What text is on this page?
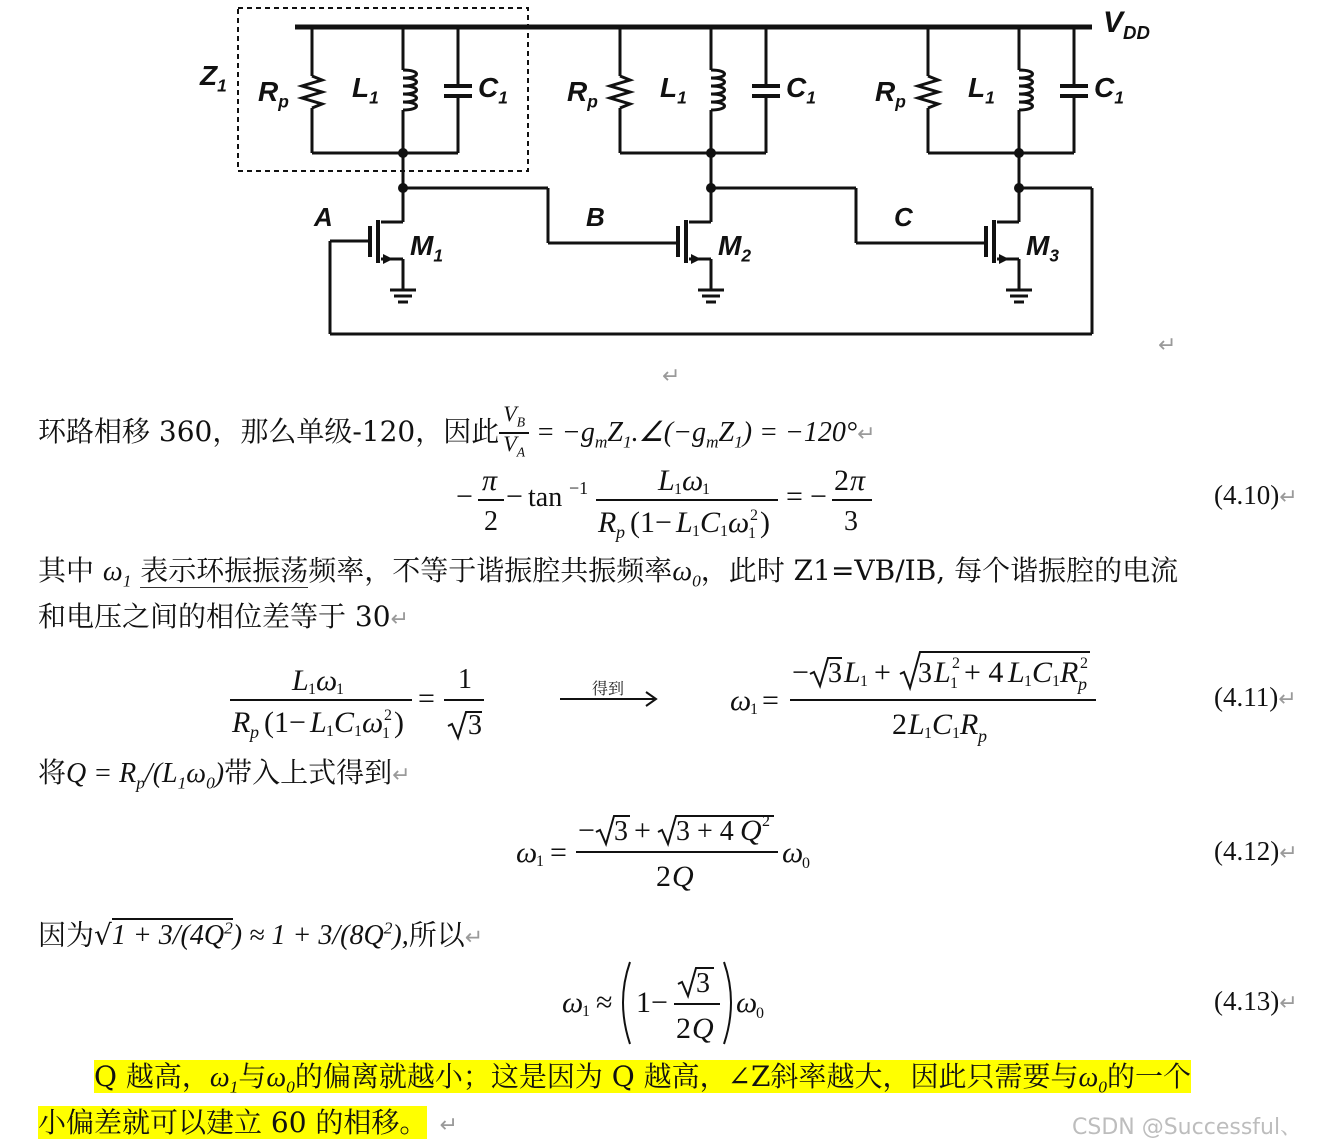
$V_{DD}$
$Z_1$ $R_p$ $L_1$	$C_1$
A
$M_1$
$R_p$ $L_1$	$C_1$
B
$M_2$
$R_p$ $L_1$	$C_1$
C
$M_3$
↵
↵
环路相移 360，那么单级-120，因此 $\frac{V_B}{V_A}$ = $-g_mZ_1.\angle(-g_mZ_1)$ = −120°↵
− π
2
− tan −1 L 1 ω
1
R p (1− L 1 C 1 ω
1
2 )
= − 2 π
3
(4.10)↵
其中 $\omega_1$ 表示环振振荡频率，不等于谐振腔共振频率$\omega_0$，此时 Z1=VB/IB, 每个谐振腔的电流
和电压之间的相位差等于 30↵
L 1 ω
1
R p (1− L 1 C 1 ω
1
2 )
=
1
3
得到	ω
1 =
− 3 L 1 + 3 L 1
2 + 4 L 1 C 1 R p
2
2 L 1 C 1 R p
(4.11)↵
将$Q = R_p/(L_1\omega_0)$带入上式得到↵
ω
1 =
− 3 + 3 + 4 Q 2
2 Q
ω
0	(4.12)↵
因为$√1 + 3/(4Q^2) \approx 1 + 3/(8Q^2)$,所以↵
ω
1 ≈ 1−
3
2 Q
ω
0	(4.13)↵
Q 越高，$\omega_1$与$\omega_0$的偏离就越小；这是因为 Q 越高，∠Z斜率越大，因此只需要与$\omega_0$的一个
小偏差就可以建立 60 的相移。 ↵	CSDN @Successful、
